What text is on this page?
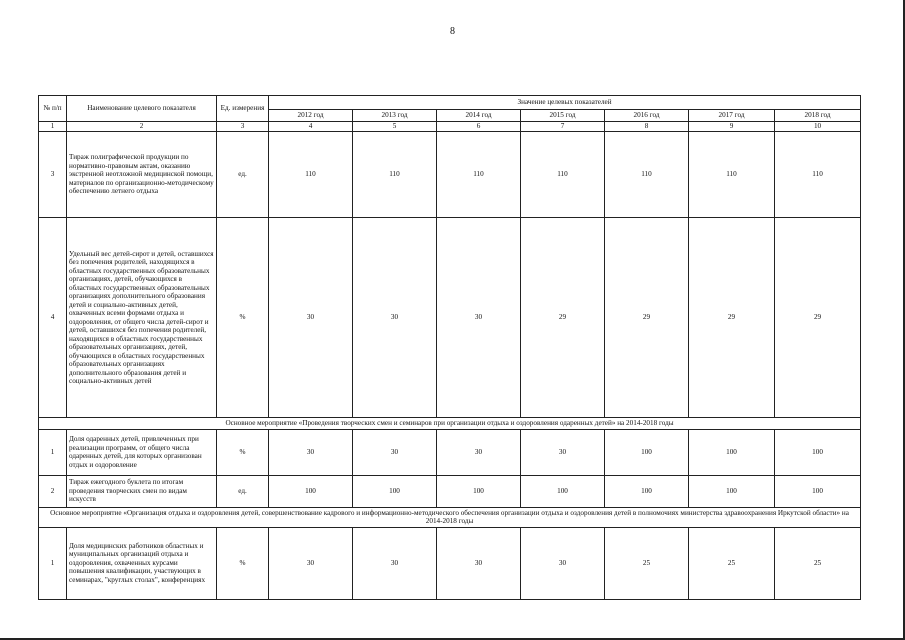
8
№ п/п	Наименование целевого показателя	Ед. измерения	Значение целевых показателей						
			2012 год	2013 год	2014 год	2015 год	2016 год	2017 год	2018 год
1	2	3	4	5	6	7	8	9	10
3	Тираж полиграфической продукции по нормативно-правовым актам, оказанию экстренной неотложной медицинской помощи, материалов по организационно-методическому обеспечению летнего отдыха	ед.	110	110	110	110	110	110	110
4	Удельный вес детей-сирот и детей, оставшихся без попечения родителей, находящихся в областных государственных образовательных организациях, детей, обучающихся в областных государственных образовательных организациях дополнительного образования детей и социально-активных детей, охваченных всеми формами отдыха и оздоровления, от общего числа детей-сирот и детей, оставшихся без попечения родителей, находящихся в областных государственных образовательных организациях, детей, обучающихся в областных государственных образовательных организациях дополнительного образования детей и социально-активных детей	%	30	30	30	29	29	29	29
Основное мероприятие «Проведения творческих смен и семинаров при организации отдыха и оздоровления одаренных детей» на 2014-2018 годы									
1	Доля одаренных детей, привлеченных при реализации программ, от общего числа одаренных детей, для которых организован отдых и оздоровление	%	30	30	30	30	100	100	100
2	Тираж ежегодного буклета по итогам проведения творческих смен по видам искусств	ед.	100	100	100	100	100	100	100
Основное мероприятие «Организация отдыха и оздоровления детей, совершенствование кадрового и информационно-методического обеспечения организации отдыха и оздоровления детей в полномочиях министерства здравоохранения Иркутской области» на 2014-2018 годы									
1	Доля медицинских работников областных и муниципальных организаций отдыха и оздоровления, охваченных курсами повышения квалификации, участвующих в семинарах, "круглых столах", конференциях	%	30	30	30	30	25	25	25
